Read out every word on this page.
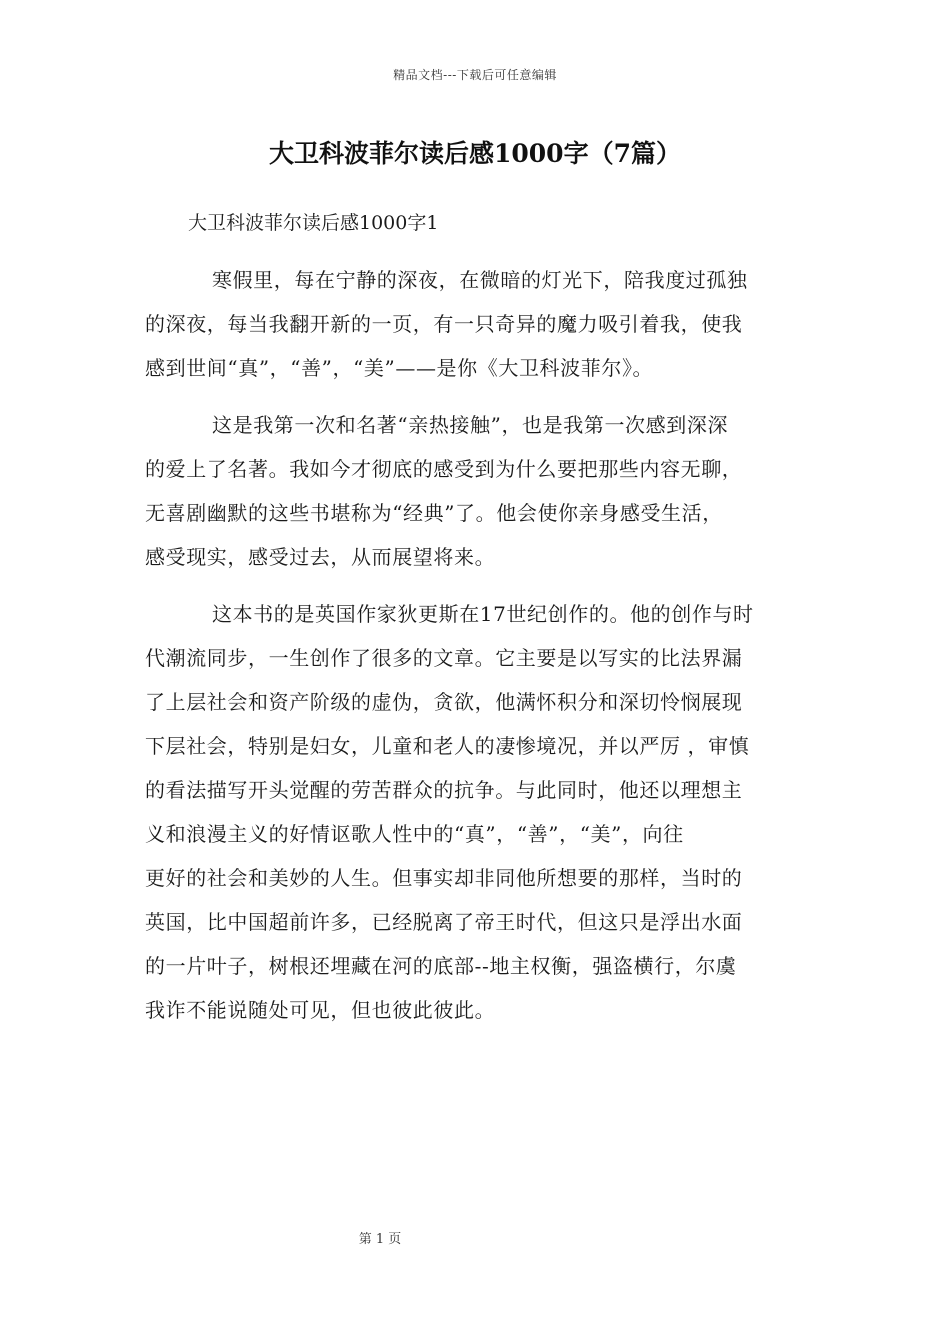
精品文档---下载后可任意编辑
大卫科波菲尔读后感1000字（7篇）
大卫科波菲尔读后感1000字1
寒假里，每在宁静的深夜，在微暗的灯光下，陪我度过孤独
的深夜，每当我翻开新的一页，有一只奇异的魔力吸引着我，使我
感到世间“真”，“善”，“美”——是你《大卫科波菲尔》。
这是我第一次和名著“亲热接触”，也是我第一次感到深深
的爱上了名著。我如今才彻底的感受到为什么要把那些内容无聊，
无喜剧幽默的这些书堪称为“经典”了。他会使你亲身感受生活，
感受现实，感受过去，从而展望将来。
这本书的是英国作家狄更斯在17世纪创作的。他的创作与时
代潮流同步，一生创作了很多的文章。它主要是以写实的比法界漏
了上层社会和资产阶级的虚伪，贪欲，他满怀积分和深切怜悯展现
下层社会，特别是妇女，儿童和老人的凄惨境况，并以严厉 ，审慎
的看法描写开头觉醒的劳苦群众的抗争。与此同时，他还以理想主
义和浪漫主义的好情讴歌人性中的“真”，“善”，“美”，向往
更好的社会和美妙的人生。但事实却非同他所想要的那样，当时的
英国，比中国超前许多，已经脱离了帝王时代，但这只是浮出水面
的一片叶子，树根还埋藏在河的底部--地主权衡，强盗横行，尔虞
我诈不能说随处可见，但也彼此彼此。
第 1 页
